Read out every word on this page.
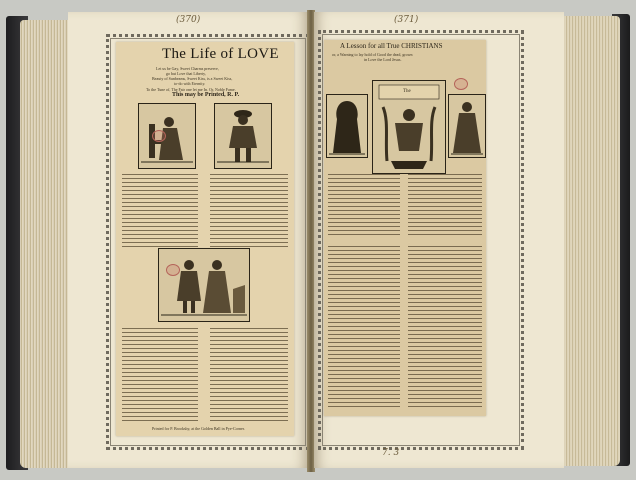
(370)
The Life of LOVE
Let us be Gay, Sweet Charms preserve,
go but Love that Liberty,
Beauty of Sunbeams, Sweet Kiss, is a Sweet Kiss,
to-do with Eternity.
To the Tune of, The Fair one let me In. Or, Noble Fame.
This may be Printed, R. P.
Printed for P. Brooksby, at the Golden Ball in Pye-Corner.
(371)
A Lesson for all True CHRISTIANS
or, a Warning to lay hold of Good the dead, grown
in Love the Lord Jesus.
The
7. 3
